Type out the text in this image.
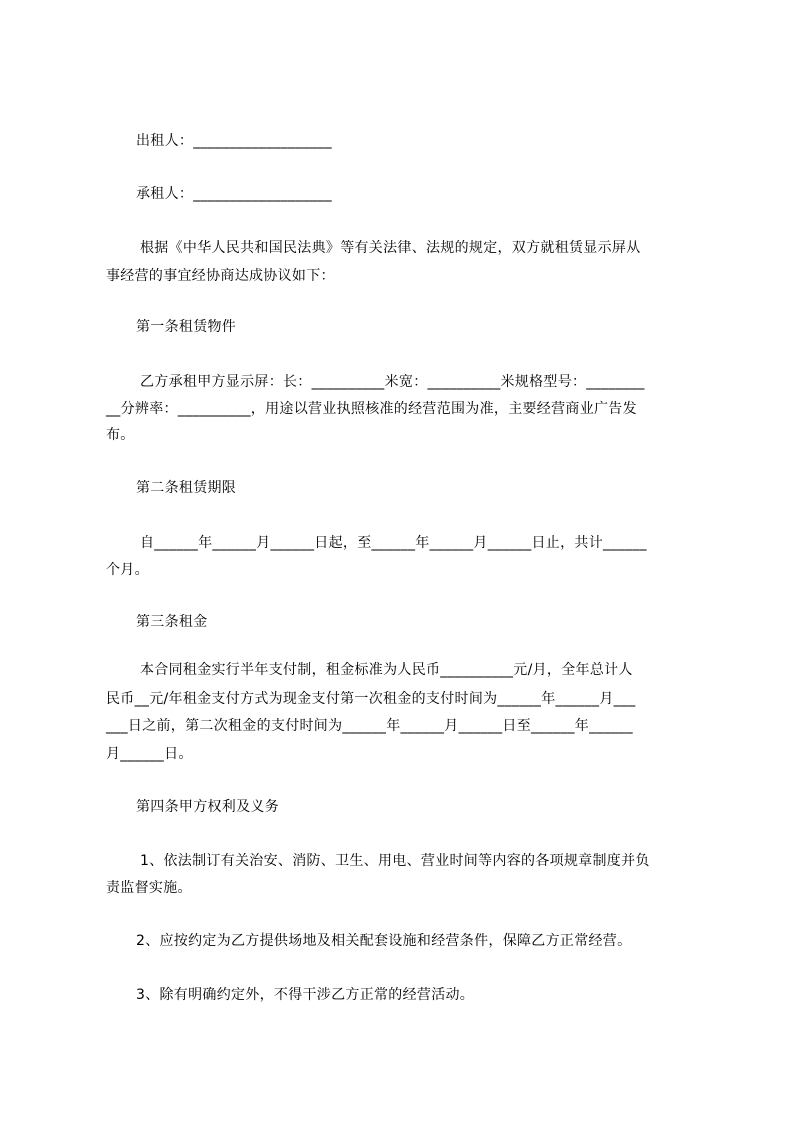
出租人：___________________
承租人：___________________
根据《中华人民共和国民法典》等有关法律、法规的规定，双方就租赁显示屏从
事经营的事宜经协商达成协议如下：
第一条租赁物件
乙方承租甲方显示屏：长：__________米宽：__________米规格型号：________
__分辨率：__________，用途以营业执照核准的经营范围为准，主要经营商业广告发
布。
第二条租赁期限
自______年______月______日起，至______年______月______日止，共计______
个月。
第三条租金
本合同租金实行半年支付制，租金标准为人民币__________元/月，全年总计人
民币__元/年租金支付方式为现金支付第一次租金的支付时间为______年______月___
___日之前，第二次租金的支付时间为______年______月______日至______年______
月______日。
第四条甲方权利及义务
1、依法制订有关治安、消防、卫生、用电、营业时间等内容的各项规章制度并负
责监督实施。
2、应按约定为乙方提供场地及相关配套设施和经营条件，保障乙方正常经营。
3、除有明确约定外，不得干涉乙方正常的经营活动。
